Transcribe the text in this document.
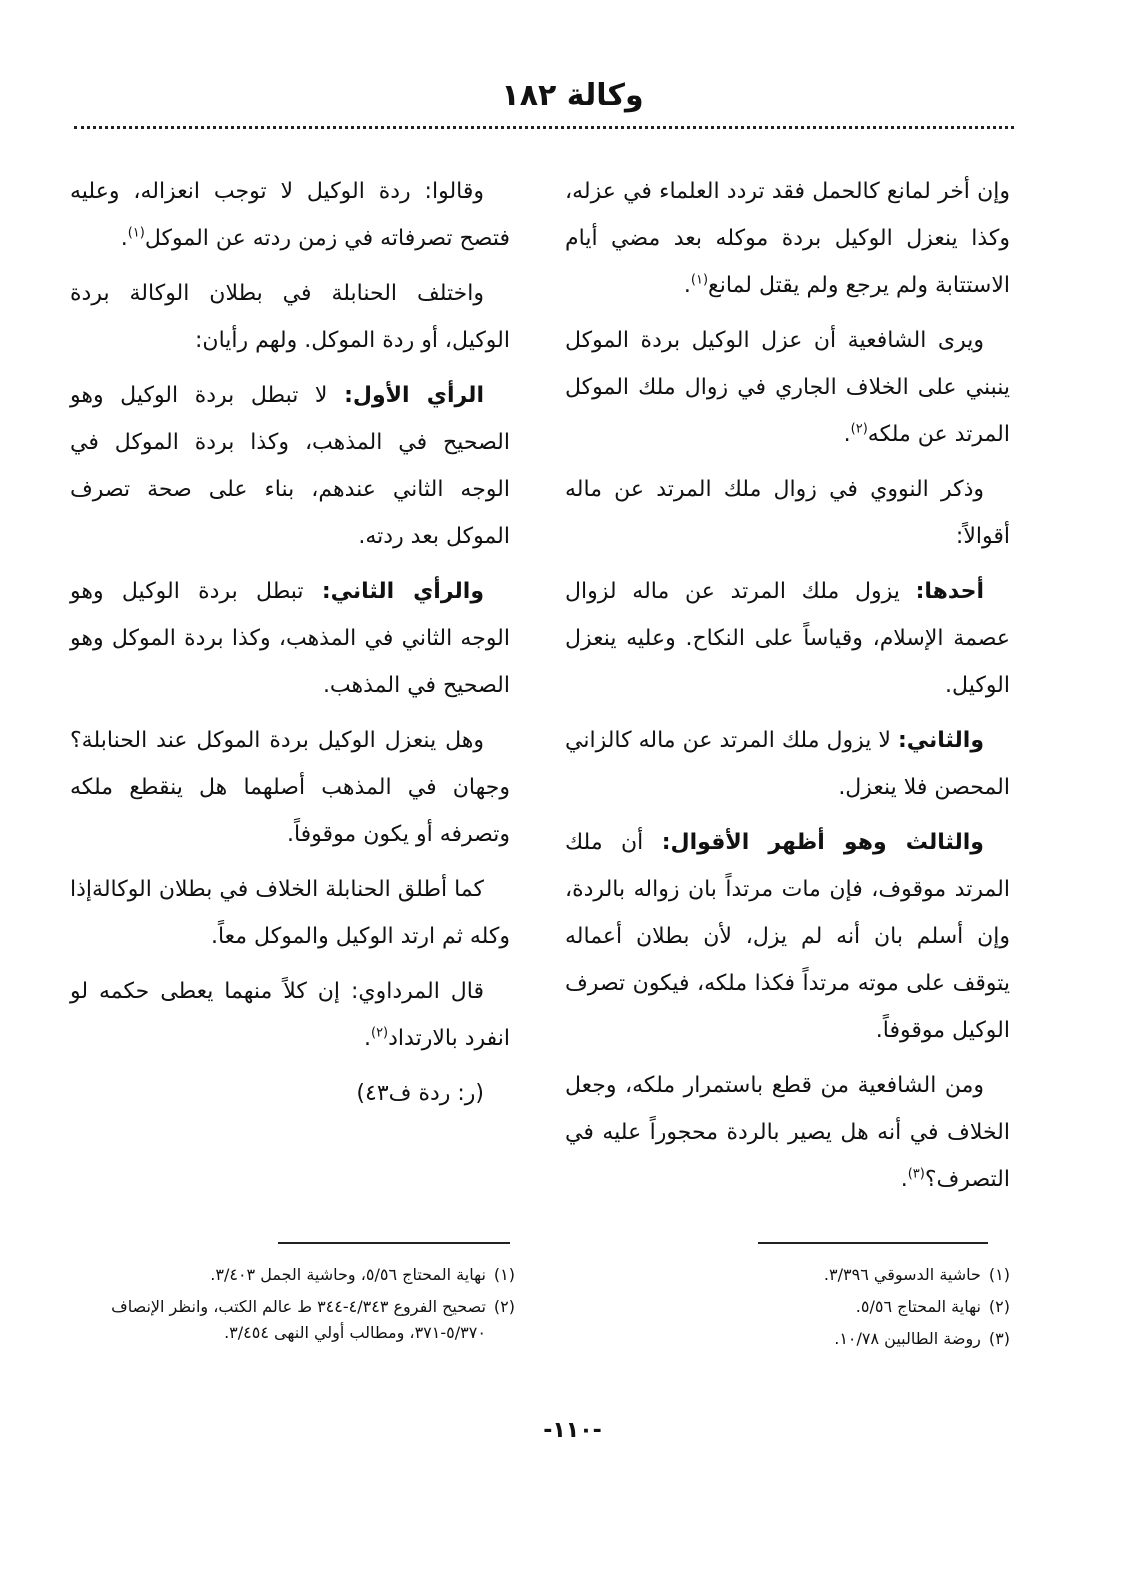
وكالة ١٨٢

وإن أخر لمانع كالحمل فقد تردد العلماء في عزله، وكذا ينعزل الوكيل بردة موكله بعد مضي أيام الاستتابة ولم يرجع ولم يقتل لمانع$^{(١)}$.

ويرى الشافعية أن عزل الوكيل بردة الموكل ينبني على الخلاف الجاري في زوال ملك الموكل المرتد عن ملكه$^{(٢)}$.

وذكر النووي في زوال ملك المرتد عن ماله أقوالاً:

أحدها: يزول ملك المرتد عن ماله لزوال عصمة الإسلام، وقياساً على النكاح. وعليه ينعزل الوكيل.

والثاني: لا يزول ملك المرتد عن ماله كالزاني المحصن فلا ينعزل.

والثالث وهو أظهر الأقوال: أن ملك المرتد موقوف، فإن مات مرتداً بان زواله بالردة، وإن أسلم بان أنه لم يزل، لأن بطلان أعماله يتوقف على موته مرتداً فكذا ملكه، فيكون تصرف الوكيل موقوفاً.

ومن الشافعية من قطع باستمرار ملكه، وجعل الخلاف في أنه هل يصير بالردة محجوراً عليه في التصرف؟$^{(٣)}$.

وقالوا: ردة الوكيل لا توجب انعزاله، وعليه فتصح تصرفاته في زمن ردته عن الموكل$^{(١)}$.

واختلف الحنابلة في بطلان الوكالة بردة الوكيل، أو ردة الموكل. ولهم رأيان:

الرأي الأول: لا تبطل بردة الوكيل وهو الصحيح في المذهب، وكذا بردة الموكل في الوجه الثاني عندهم، بناء على صحة تصرف الموكل بعد ردته.

والرأي الثاني: تبطل بردة الوكيل وهو الوجه الثاني في المذهب، وكذا بردة الموكل وهو الصحيح في المذهب.

وهل ينعزل الوكيل بردة الموكل عند الحنابلة؟ وجهان في المذهب أصلهما هل ينقطع ملكه وتصرفه أو يكون موقوفاً.

كما أطلق الحنابلة الخلاف في بطلان الوكالةإذا وكله ثم ارتد الوكيل والموكل معاً.

قال المرداوي: إن كلاً منهما يعطى حكمه لو انفرد بالارتداد$^{(٢)}$.

(ر: ردة ف٤٣)

(١)
حاشية الدسوقي ٣/٣٩٦.
(٢)
نهاية المحتاج ٥/٥٦.
(٣)
روضة الطالبين ١٠/٧٨.
(١)
نهاية المحتاج ٥/٥٦، وحاشية الجمل ٣/٤٠٣.
(٢)
تصحيح الفروع ٤/٣٤٣-٣٤٤ ط عالم الكتب، وانظر الإنصاف ٥/٣٧٠-٣٧١، ومطالب أولي النهى ٣/٤٥٤.
-١١٠-
